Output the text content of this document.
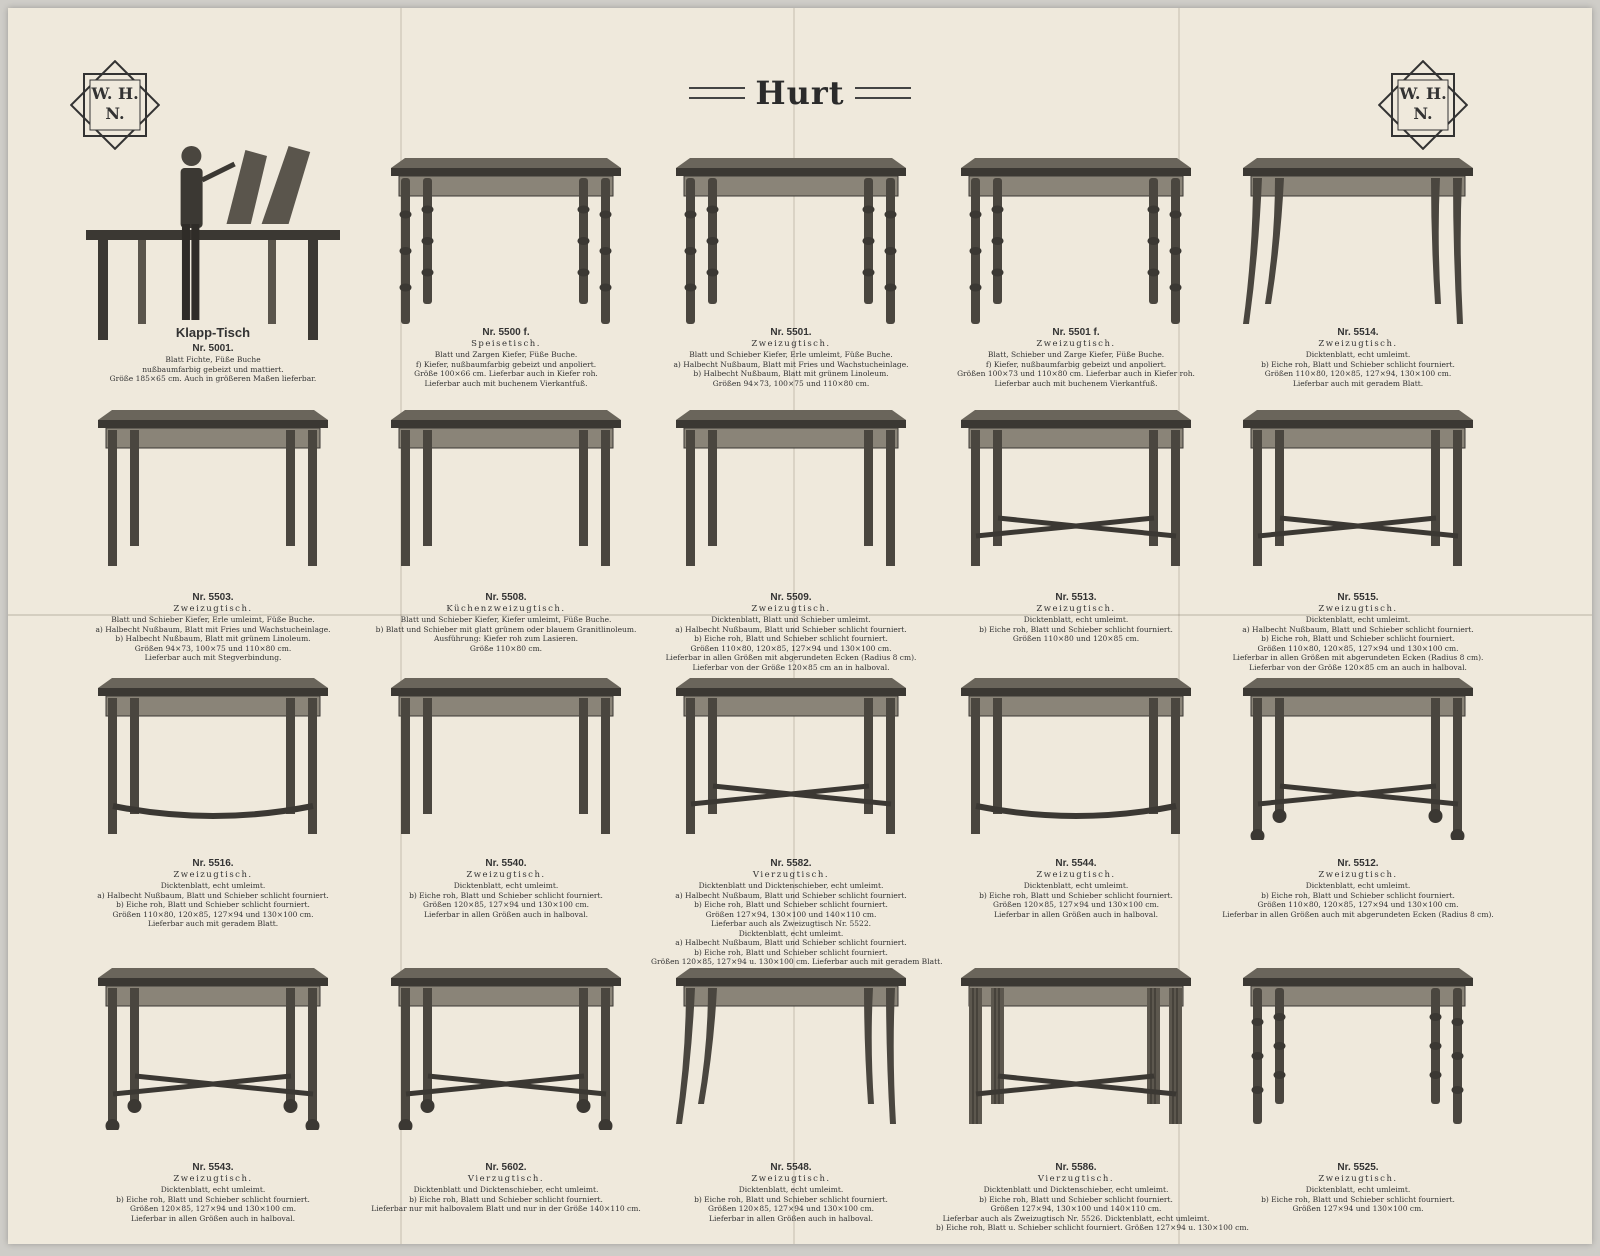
Hurt
W. H.
N.
W. H.
N.
Klapp-Tisch
Nr. 5001.
Blatt Fichte, Füße Buche
nußbaumfarbig gebeizt und mattiert.
Größe 185×65 cm. Auch in größeren Maßen lieferbar.
Nr. 5500 f.
Speisetisch.
Blatt und Zargen Kiefer, Füße Buche.
f) Kiefer, nußbaumfarbig gebeizt und anpoliert.
Größe 100×66 cm. Lieferbar auch in Kiefer roh.
Lieferbar auch mit buchenem Vierkantfuß.
Nr. 5501.
Zweizugtisch.
Blatt und Schieber Kiefer, Erle umleimt, Füße Buche.
a) Halbecht Nußbaum, Blatt mit Fries und Wachstucheinlage.
b) Halbecht Nußbaum, Blatt mit grünem Linoleum.
Größen 94×73, 100×75 und 110×80 cm.
Nr. 5501 f.
Zweizugtisch.
Blatt, Schieber und Zarge Kiefer, Füße Buche.
f) Kiefer, nußbaumfarbig gebeizt und anpoliert.
Größen 100×73 und 110×80 cm. Lieferbar auch in Kiefer roh.
Lieferbar auch mit buchenem Vierkantfuß.
Nr. 5514.
Zweizugtisch.
Dicktenblatt, echt umleimt.
b) Eiche roh, Blatt und Schieber schlicht fourniert.
Größen 110×80, 120×85, 127×94, 130×100 cm.
Lieferbar auch mit geradem Blatt.
Nr. 5503.
Zweizugtisch.
Blatt und Schieber Kiefer, Erle umleimt, Füße Buche.
a) Halbecht Nußbaum, Blatt mit Fries und Wachstucheinlage.
b) Halbecht Nußbaum, Blatt mit grünem Linoleum.
Größen 94×73, 100×75 und 110×80 cm.
Lieferbar auch mit Stegverbindung.
Nr. 5508.
Küchenzweizugtisch.
Blatt und Schieber Kiefer, Kiefer umleimt, Füße Buche.
b) Blatt und Schieber mit glatt grünem oder blauem Granitlinoleum.
Ausführung: Kiefer roh zum Lasieren.
Größe 110×80 cm.
Nr. 5509.
Zweizugtisch.
Dicktenblatt, Blatt und Schieber umleimt.
a) Halbecht Nußbaum, Blatt und Schieber schlicht fourniert.
b) Eiche roh, Blatt und Schieber schlicht fourniert.
Größen 110×80, 120×85, 127×94 und 130×100 cm.
Lieferbar in allen Größen mit abgerundeten Ecken (Radius 8 cm).
Lieferbar von der Größe 120×85 cm an in halboval.
Nr. 5513.
Zweizugtisch.
Dicktenblatt, echt umleimt.
b) Eiche roh, Blatt und Schieber schlicht fourniert.
Größen 110×80 und 120×85 cm.
Nr. 5515.
Zweizugtisch.
Dicktenblatt, echt umleimt.
a) Halbecht Nußbaum, Blatt und Schieber schlicht fourniert.
b) Eiche roh, Blatt und Schieber schlicht fourniert.
Größen 110×80, 120×85, 127×94 und 130×100 cm.
Lieferbar in allen Größen mit abgerundeten Ecken (Radius 8 cm).
Lieferbar von der Größe 120×85 cm an auch in halboval.
Nr. 5516.
Zweizugtisch.
Dicktenblatt, echt umleimt.
a) Halbecht Nußbaum, Blatt und Schieber schlicht fourniert.
b) Eiche roh, Blatt und Schieber schlicht fourniert.
Größen 110×80, 120×85, 127×94 und 130×100 cm.
Lieferbar auch mit geradem Blatt.
Nr. 5540.
Zweizugtisch.
Dicktenblatt, echt umleimt.
b) Eiche roh, Blatt und Schieber schlicht fourniert.
Größen 120×85, 127×94 und 130×100 cm.
Lieferbar in allen Größen auch in halboval.
Nr. 5582.
Vierzugtisch.
Dicktenblatt und Dicktenschieber, echt umleimt.
a) Halbecht Nußbaum, Blatt und Schieber schlicht fourniert.
b) Eiche roh, Blatt und Schieber schlicht fourniert.
Größen 127×94, 130×100 und 140×110 cm.
Lieferbar auch als Zweizugtisch Nr. 5522.
Dicktenblatt, echt umleimt.
a) Halbecht Nußbaum, Blatt und Schieber schlicht fourniert.
b) Eiche roh, Blatt und Schieber schlicht fourniert.
Größen 120×85, 127×94 u. 130×100 cm. Lieferbar auch mit geradem Blatt.
Nr. 5544.
Zweizugtisch.
Dicktenblatt, echt umleimt.
b) Eiche roh, Blatt und Schieber schlicht fourniert.
Größen 120×85, 127×94 und 130×100 cm.
Lieferbar in allen Größen auch in halboval.
Nr. 5512.
Zweizugtisch.
Dicktenblatt, echt umleimt.
b) Eiche roh, Blatt und Schieber schlicht fourniert.
Größen 110×80, 120×85, 127×94 und 130×100 cm.
Lieferbar in allen Größen auch mit abgerundeten Ecken (Radius 8 cm).
Nr. 5543.
Zweizugtisch.
Dicktenblatt, echt umleimt.
b) Eiche roh, Blatt und Schieber schlicht fourniert.
Größen 120×85, 127×94 und 130×100 cm.
Lieferbar in allen Größen auch in halboval.
Nr. 5602.
Vierzugtisch.
Dicktenblatt und Dicktenschieber, echt umleimt.
b) Eiche roh, Blatt und Schieber schlicht fourniert.
Lieferbar nur mit halbovalem Blatt und nur in der Größe 140×110 cm.
Nr. 5548.
Zweizugtisch.
Dicktenblatt, echt umleimt.
b) Eiche roh, Blatt und Schieber schlicht fourniert.
Größen 120×85, 127×94 und 130×100 cm.
Lieferbar in allen Größen auch in halboval.
Nr. 5586.
Vierzugtisch.
Dicktenblatt und Dicktenschieber, echt umleimt.
b) Eiche roh, Blatt und Schieber schlicht fourniert.
Größen 127×94, 130×100 und 140×110 cm.
Lieferbar auch als Zweizugtisch Nr. 5526. Dicktenblatt, echt umleimt.
b) Eiche roh, Blatt u. Schieber schlicht fourniert. Größen 127×94 u. 130×100 cm.
Nr. 5525.
Zweizugtisch.
Dicktenblatt, echt umleimt.
b) Eiche roh, Blatt und Schieber schlicht fourniert.
Größen 127×94 und 130×100 cm.
